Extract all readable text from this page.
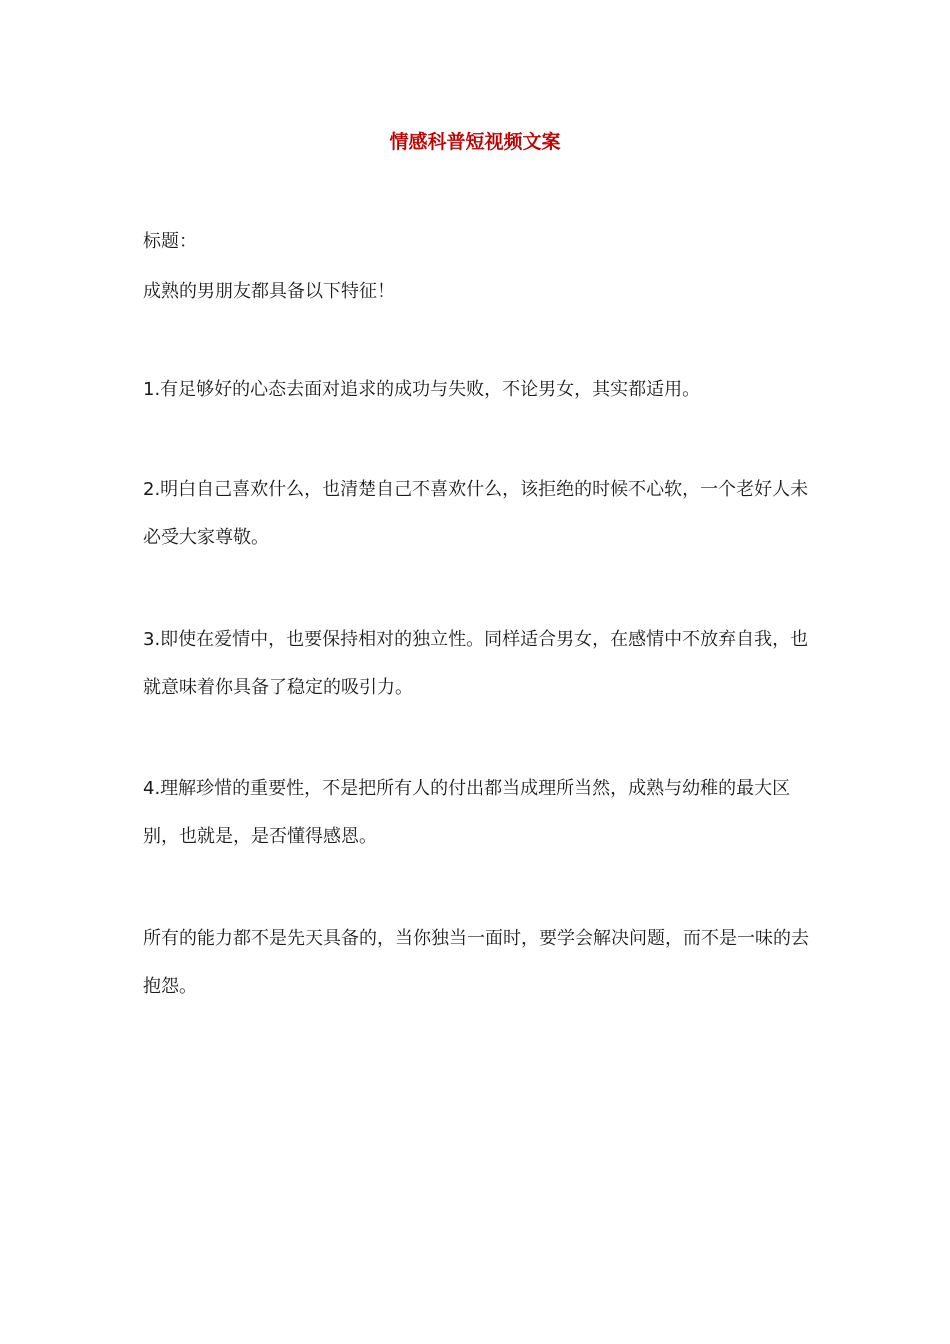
情感科普短视频文案

标题：

成熟的男朋友都具备以下特征！

1.有足够好的心态去面对追求的成功与失败，不论男女，其实都适用。

2.明白自己喜欢什么，也清楚自己不喜欢什么，该拒绝的时候不心软，一个老好人未必受大家尊敬。

3.即使在爱情中，也要保持相对的独立性。同样适合男女，在感情中不放弃自我，也就意味着你具备了稳定的吸引力。

4.理解珍惜的重要性，不是把所有人的付出都当成理所当然，成熟与幼稚的最大区别，也就是，是否懂得感恩。

所有的能力都不是先天具备的，当你独当一面时，要学会解决问题，而不是一味的去抱怨。
